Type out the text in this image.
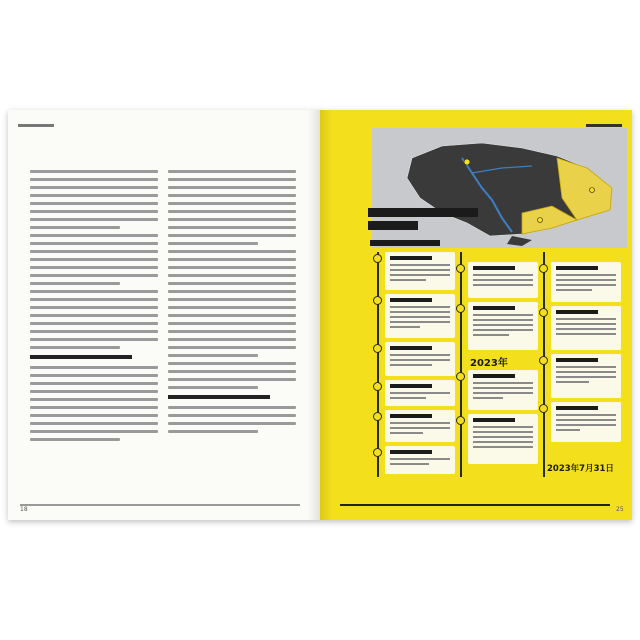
18	25
2023年
2023年7月31日
